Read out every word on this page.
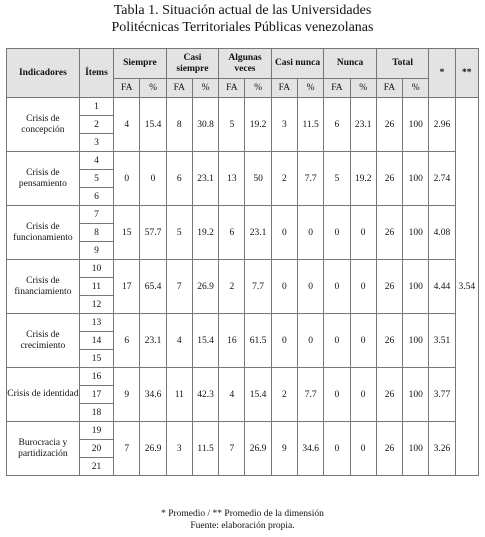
Tabla 1. Situación actual de las Universidades
Politécnicas Territoriales Públicas venezolanas
Indicadores	Ítems	Siempre		Casi siempre		Algunas veces		Casi nunca		Nunca		Total		*	**
		FA	%	FA	%	FA	%	FA	%	FA	%	FA	%		
Crisis de concepción	1	4	15.4	8	30.8	5	19.2	3	11.5	6	23.1	26	100	2.96	3.54
	2														
	3														
Crisis de pensamiento	4	0	0	6	23.1	13	50	2	7.7	5	19.2	26	100	2.74	
	5														
	6														
Crisis de funcionamiento	7	15	57.7	5	19.2	6	23.1	0	0	0	0	26	100	4.08	
	8														
	9														
Crisis de financiamiento	10	17	65.4	7	26.9	2	7.7	0	0	0	0	26	100	4.44	
	11														
	12														
Crisis de crecimiento	13	6	23.1	4	15.4	16	61.5	0	0	0	0	26	100	3.51	
	14														
	15														
Crisis de identidad	16	9	34.6	11	42.3	4	15.4	2	7.7	0	0	26	100	3.77	
	17														
	18														
Burocracia y partidización	19	7	26.9	3	11.5	7	26.9	9	34.6	0	0	26	100	3.26	
	20														
	21														
* Promedio / ** Promedio de la dimensión
Fuente: elaboración propia.
